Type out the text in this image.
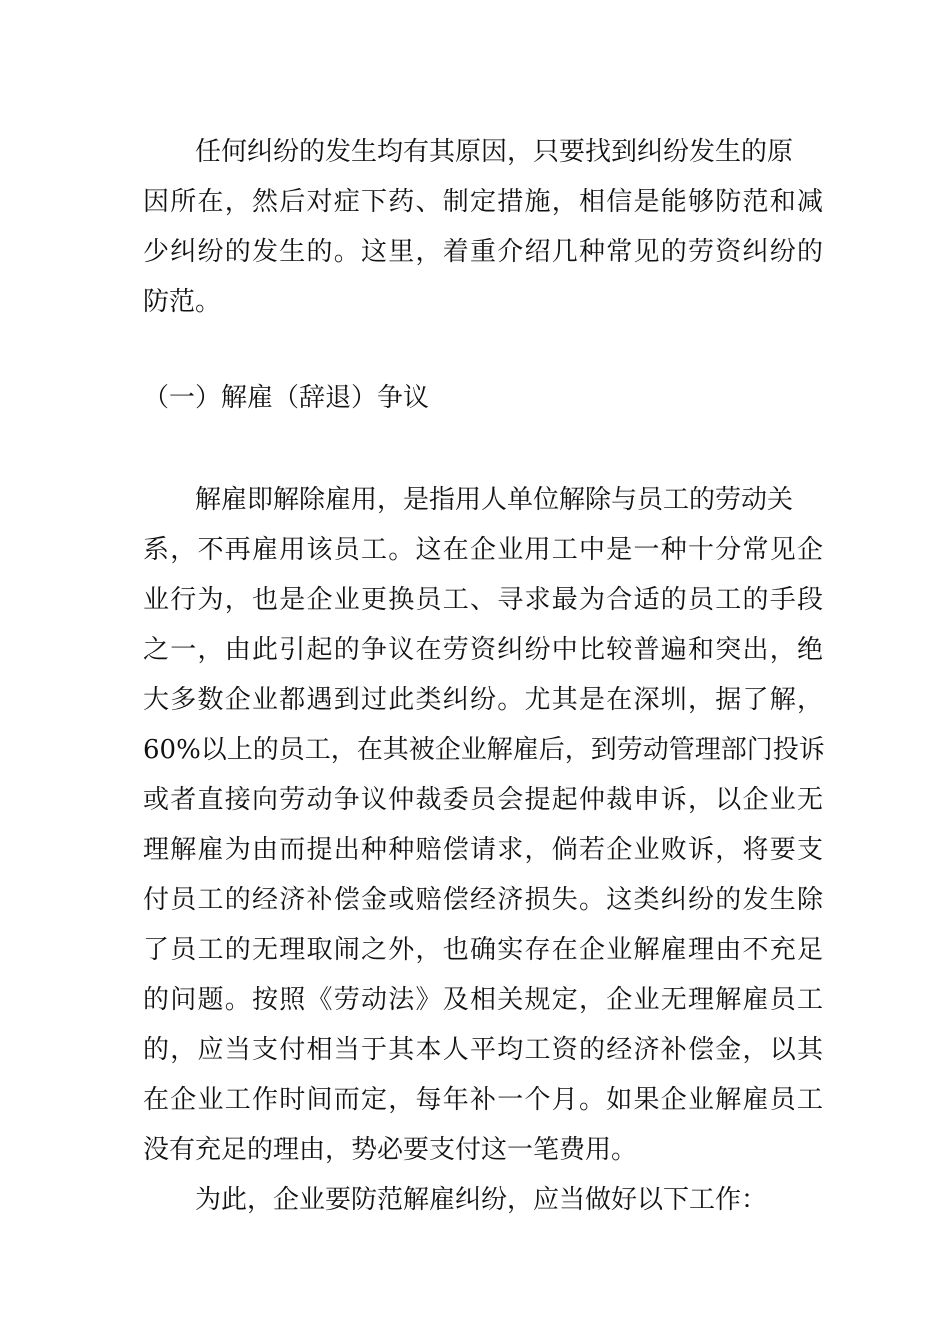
任何纠纷的发生均有其原因，只要找到纠纷发生的原
因所在，然后对症下药、制定措施，相信是能够防范和减
少纠纷的发生的。这里，着重介绍几种常见的劳资纠纷的
防范。
（一）解雇（辞退）争议
解雇即解除雇用，是指用人单位解除与员工的劳动关
系，不再雇用该员工。这在企业用工中是一种十分常见企
业行为，也是企业更换员工、寻求最为合适的员工的手段
之一，由此引起的争议在劳资纠纷中比较普遍和突出，绝
大多数企业都遇到过此类纠纷。尤其是在深圳，据了解，
60%以上的员工，在其被企业解雇后，到劳动管理部门投诉
或者直接向劳动争议仲裁委员会提起仲裁申诉，以企业无
理解雇为由而提出种种赔偿请求，倘若企业败诉，将要支
付员工的经济补偿金或赔偿经济损失。这类纠纷的发生除
了员工的无理取闹之外，也确实存在企业解雇理由不充足
的问题。按照《劳动法》及相关规定，企业无理解雇员工
的，应当支付相当于其本人平均工资的经济补偿金，以其
在企业工作时间而定，每年补一个月。如果企业解雇员工
没有充足的理由，势必要支付这一笔费用。
为此，企业要防范解雇纠纷，应当做好以下工作：
